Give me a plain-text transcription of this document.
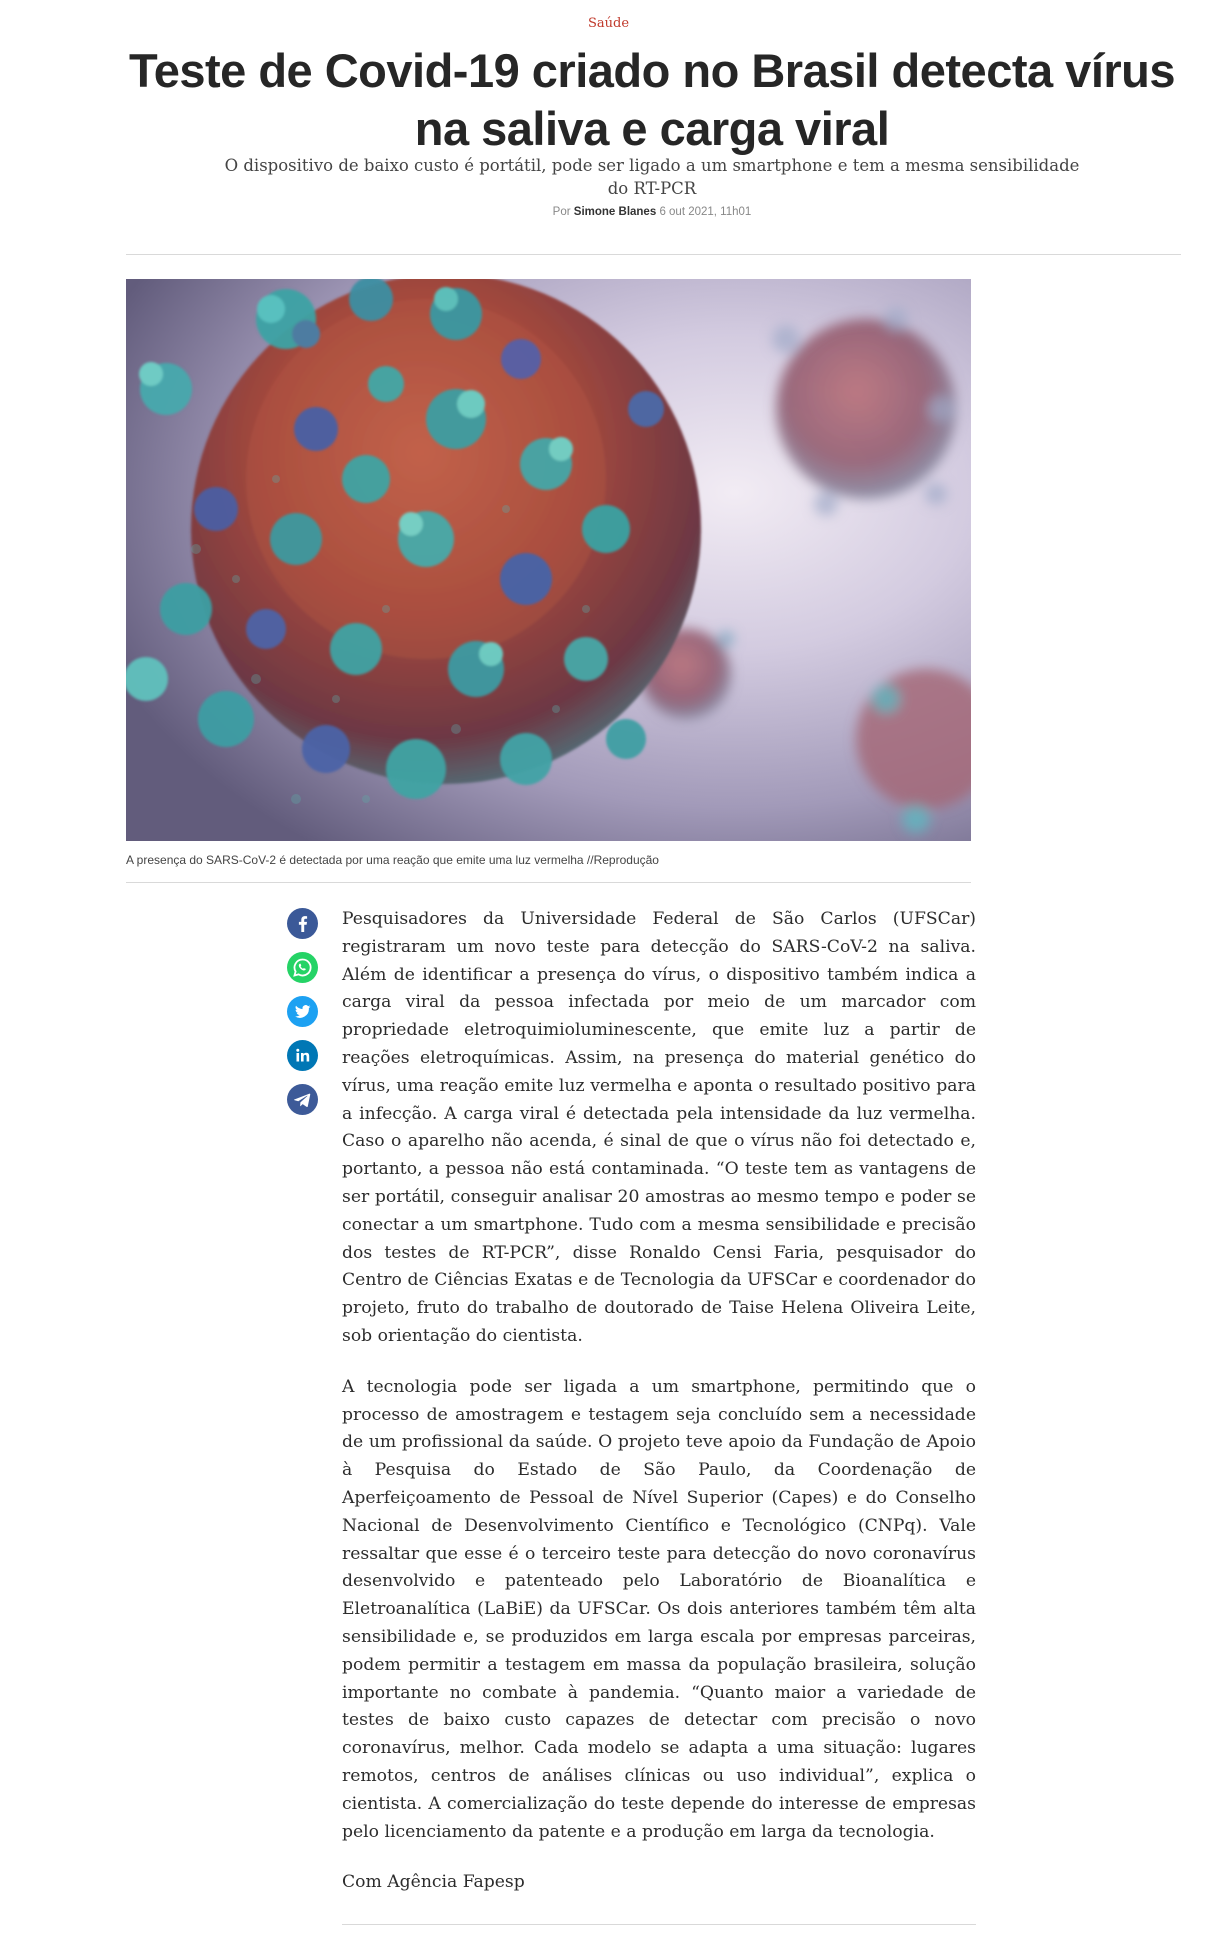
Saúde
Teste de Covid-19 criado no Brasil detecta vírus na saliva e carga viral

O dispositivo de baixo custo é portátil, pode ser ligado a um smartphone e tem a mesma sensibilidade do RT-PCR

Por Simone Blanes 6 out 2021, 11h01
A presença do SARS-CoV-2 é detectada por uma reação que emite uma luz vermelha //Reprodução

Pesquisadores da Universidade Federal de São Carlos (UFSCar) registraram um novo teste para detecção do SARS-CoV-2 na saliva. Além de identificar a presença do vírus, o dispositivo também indica a carga viral da pessoa infectada por meio de um marcador com propriedade eletroquimioluminescente, que emite luz a partir de reações eletroquímicas. Assim, na presença do material genético do vírus, uma reação emite luz vermelha e aponta o resultado positivo para a infecção. A carga viral é detectada pela intensidade da luz vermelha. Caso o aparelho não acenda, é sinal de que o vírus não foi detectado e, portanto, a pessoa não está contaminada. “O teste tem as vantagens de ser portátil, conseguir analisar 20 amostras ao mesmo tempo e poder se conectar a um smartphone. Tudo com a mesma sensibilidade e precisão dos testes de RT-PCR”, disse Ronaldo Censi Faria, pesquisador do Centro de Ciências Exatas e de Tecnologia da UFSCar e coordenador do projeto, fruto do trabalho de doutorado de Taise Helena Oliveira Leite, sob orientação do cientista.

A tecnologia pode ser ligada a um smartphone, permitindo que o processo de amostragem e testagem seja concluído sem a necessidade de um profissional da saúde. O projeto teve apoio da Fundação de Apoio à Pesquisa do Estado de São Paulo, da Coordenação de Aperfeiçoamento de Pessoal de Nível Superior (Capes) e do Conselho Nacional de Desenvolvimento Científico e Tecnológico (CNPq). Vale ressaltar que esse é o terceiro teste para detecção do novo coronavírus desenvolvido e patenteado pelo Laboratório de Bioanalítica e Eletroanalítica (LaBiE) da UFSCar. Os dois anteriores também têm alta sensibilidade e, se produzidos em larga escala por empresas parceiras, podem permitir a testagem em massa da população brasileira, solução importante no combate à pandemia. “Quanto maior a variedade de testes de baixo custo capazes de detectar com precisão o novo coronavírus, melhor. Cada modelo se adapta a uma situação: lugares remotos, centros de análises clínicas ou uso individual”, explica o cientista. A comercialização do teste depende do interesse de empresas pelo licenciamento da patente e a produção em larga da tecnologia.

Com Agência Fapesp
